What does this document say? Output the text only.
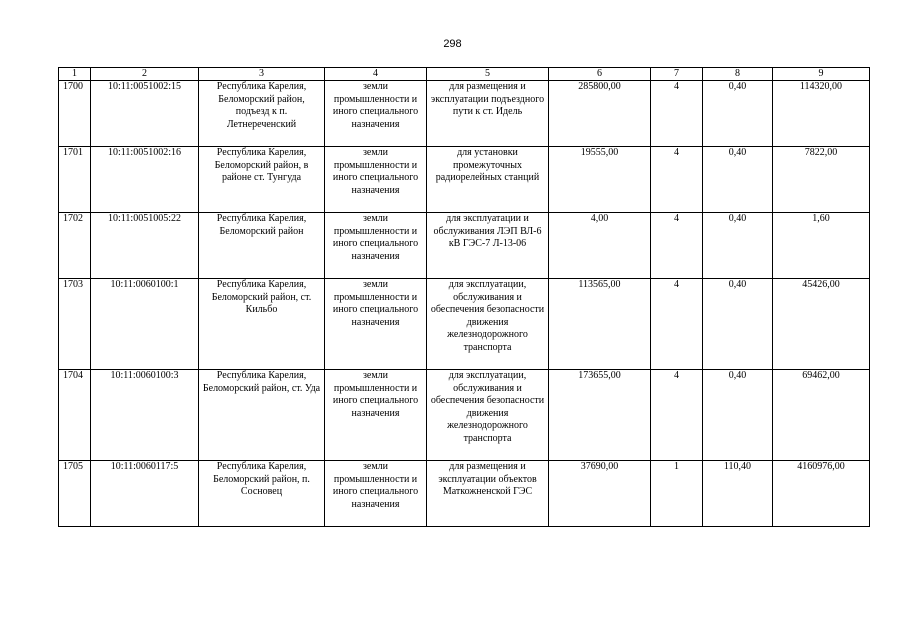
298
1	2	3	4	5	6	7	8	9
1700	10:11:0051002:15	Республика Карелия, Беломорский район, подъезд к п. Летнереченский	земли промышленности и иного специального назначения	для размещения и эксплуатации подъездного пути к ст. Идель	285800,00	4	0,40	114320,00
1701	10:11:0051002:16	Республика Карелия, Беломорский район, в районе ст. Тунгуда	земли промышленности и иного специального назначения	для установки промежуточных радиорелейных станций	19555,00	4	0,40	7822,00
1702	10:11:0051005:22	Республика Карелия, Беломорский район	земли промышленности и иного специального назначения	для эксплуатации и обслуживания ЛЭП ВЛ-6 кВ ГЭС-7 Л-13-06	4,00	4	0,40	1,60
1703	10:11:0060100:1	Республика Карелия, Беломорский район, ст. Кильбо	земли промышленности и иного специального назначения	для эксплуатации, обслуживания и обеспечения безопасности движения железнодорожного транспорта	113565,00	4	0,40	45426,00
1704	10:11:0060100:3	Республика Карелия, Беломорский район, ст. Уда	земли промышленности и иного специального назначения	для эксплуатации, обслуживания и обеспечения безопасности движения железнодорожного транспорта	173655,00	4	0,40	69462,00
1705	10:11:0060117:5	Республика Карелия, Беломорский район, п. Сосновец	земли промышленности и иного специального назначения	для размещения и эксплуатации объектов Маткожненской ГЭС	37690,00	1	110,40	4160976,00
